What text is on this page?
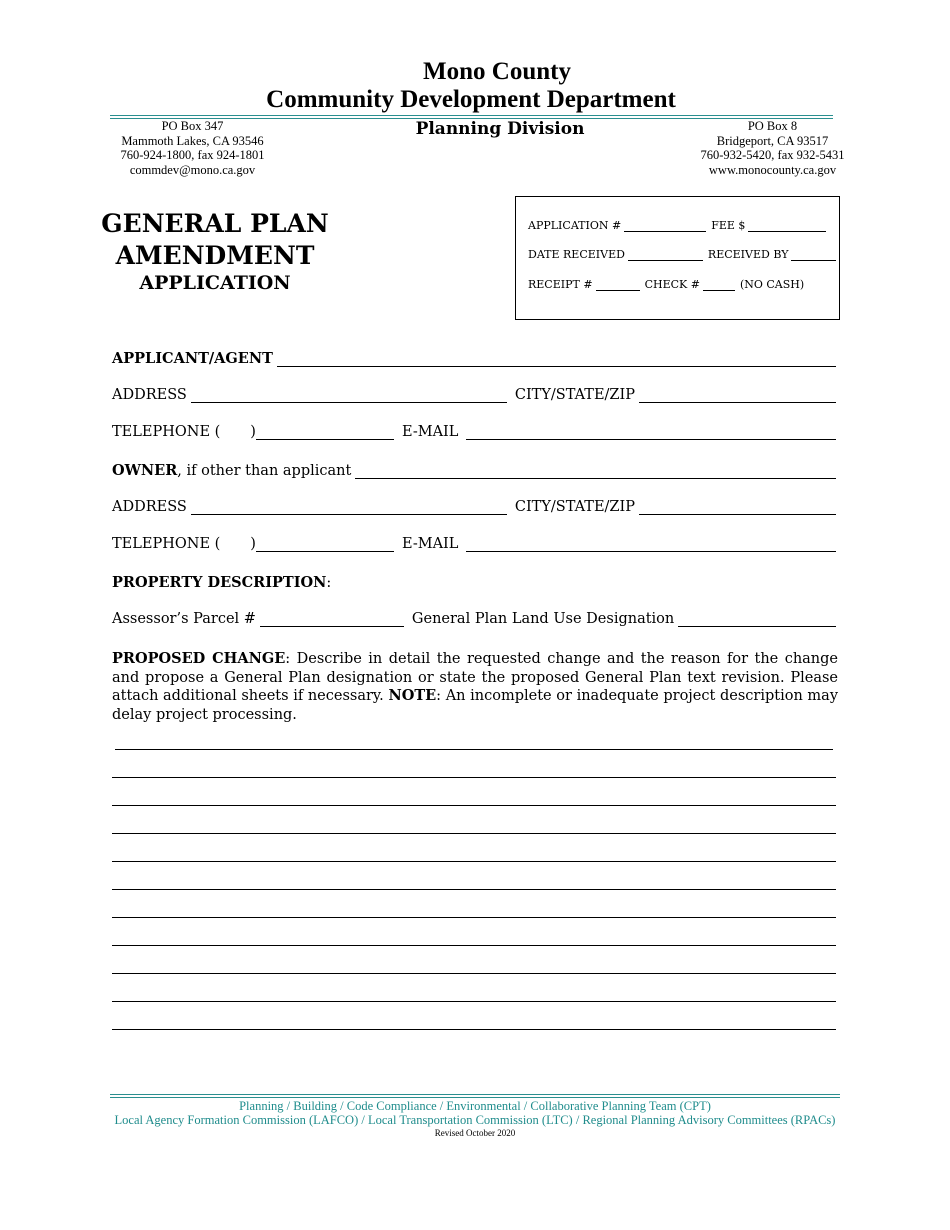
Mono County
Community Development Department
PO Box 347
Mammoth Lakes, CA 93546
760-924-1800, fax 924-1801
commdev@mono.ca.gov
Planning Division	PO Box 8
Bridgeport, CA 93517
760-932-5420, fax 932-5431
www.monocounty.ca.gov
GENERAL PLAN
AMENDMENT
APPLICATION
APPLICATION #	FEE $
DATE RECEIVED	RECEIVED BY
RECEIPT #	CHECK #	(NO CASH)
APPLICANT/AGENT
ADDRESS	CITY/STATE/ZIP
TELEPHONE ( )	E-MAIL
OWNER , if other than applicant
ADDRESS	CITY/STATE/ZIP
TELEPHONE ( )	E-MAIL
PROPERTY DESCRIPTION :
Assessor’s Parcel #	General Plan Land Use Designation
PROPOSED CHANGE: Describe in detail the requested change and the reason for the change and propose a General Plan designation or state the proposed General Plan text revision. Please attach additional sheets if necessary. NOTE: An incomplete or inadequate project description may delay project processing.
Planning / Building / Code Compliance / Environmental / Collaborative Planning Team (CPT)
Local Agency Formation Commission (LAFCO) / Local Transportation Commission (LTC) / Regional Planning Advisory Committees (RPACs)
Revised October 2020
